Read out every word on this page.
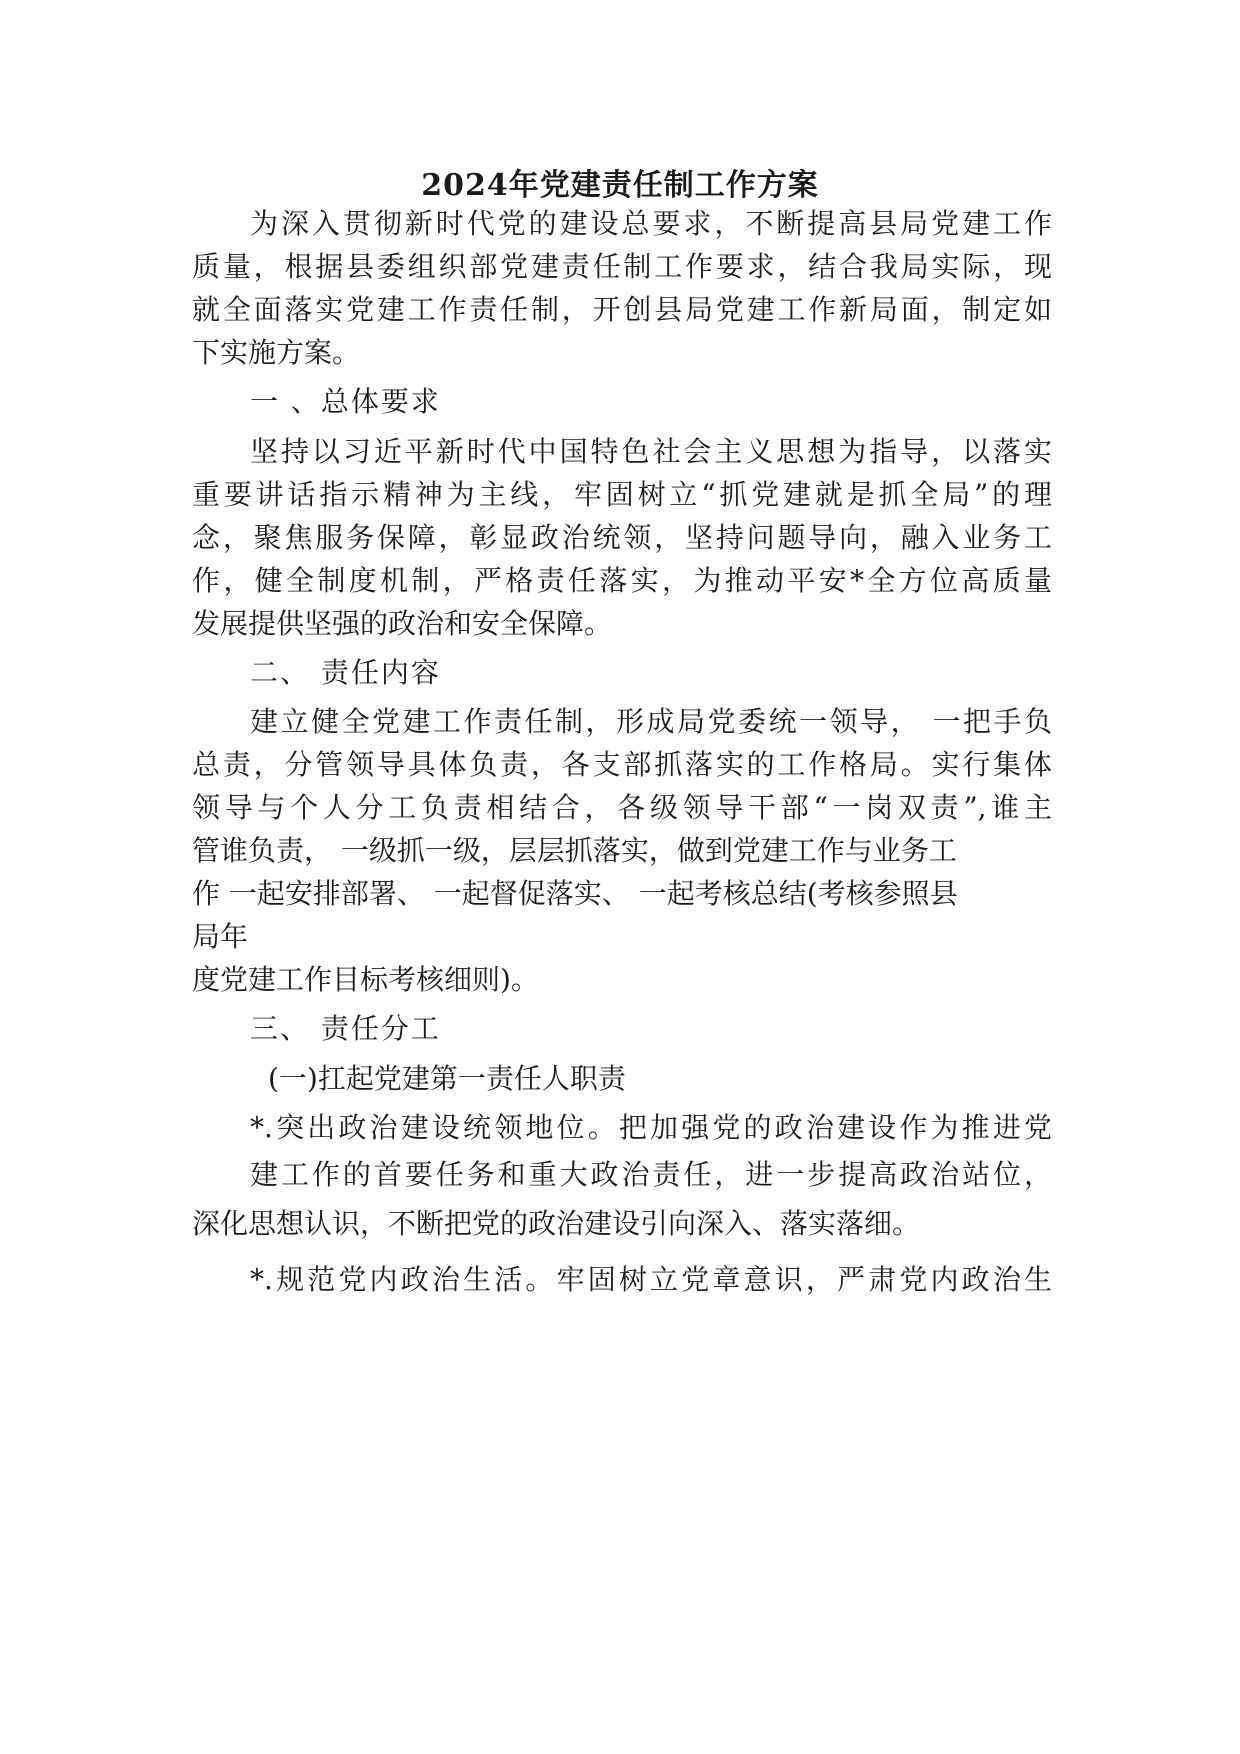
2024年党建责任制工作方案
为深入贯彻新时代党的建设总要求，不断提高县局党建工作
质量，根据县委组织部党建责任制工作要求，结合我局实际，现
就全面落实党建工作责任制，开创县局党建工作新局面，制定如
下实施方案。
一 、总体要求
坚持以习近平新时代中国特色社会主义思想为指导，以落实
重要讲话指示精神为主线，牢固树立“抓党建就是抓全局”的理
念，聚焦服务保障，彰显政治统领，坚持问题导向，融入业务工
作，健全制度机制，严格责任落实，为推动平安*全方位高质量
发展提供坚强的政治和安全保障。
二、 责任内容
建立健全党建工作责任制，形成局党委统一领导， 一把手负
总责，分管领导具体负责，各支部抓落实的工作格局。实行集体
领导与个人分工负责相结合，各级领导干部“一岗双责”,谁主
管谁负责， 一级抓一级，层层抓落实，做到党建工作与业务工
作 一起安排部署、 一起督促落实、 一起考核总结(考核参照县
局年
度党建工作目标考核细则)。
三、 责任分工
(一)扛起党建第一责任人职责
*.突出政治建设统领地位。把加强党的政治建设作为推进党
建工作的首要任务和重大政治责任，进一步提高政治站位，
深化思想认识，不断把党的政治建设引向深入、落实落细。
*.规范党内政治生活。牢固树立党章意识，严肃党内政治生
